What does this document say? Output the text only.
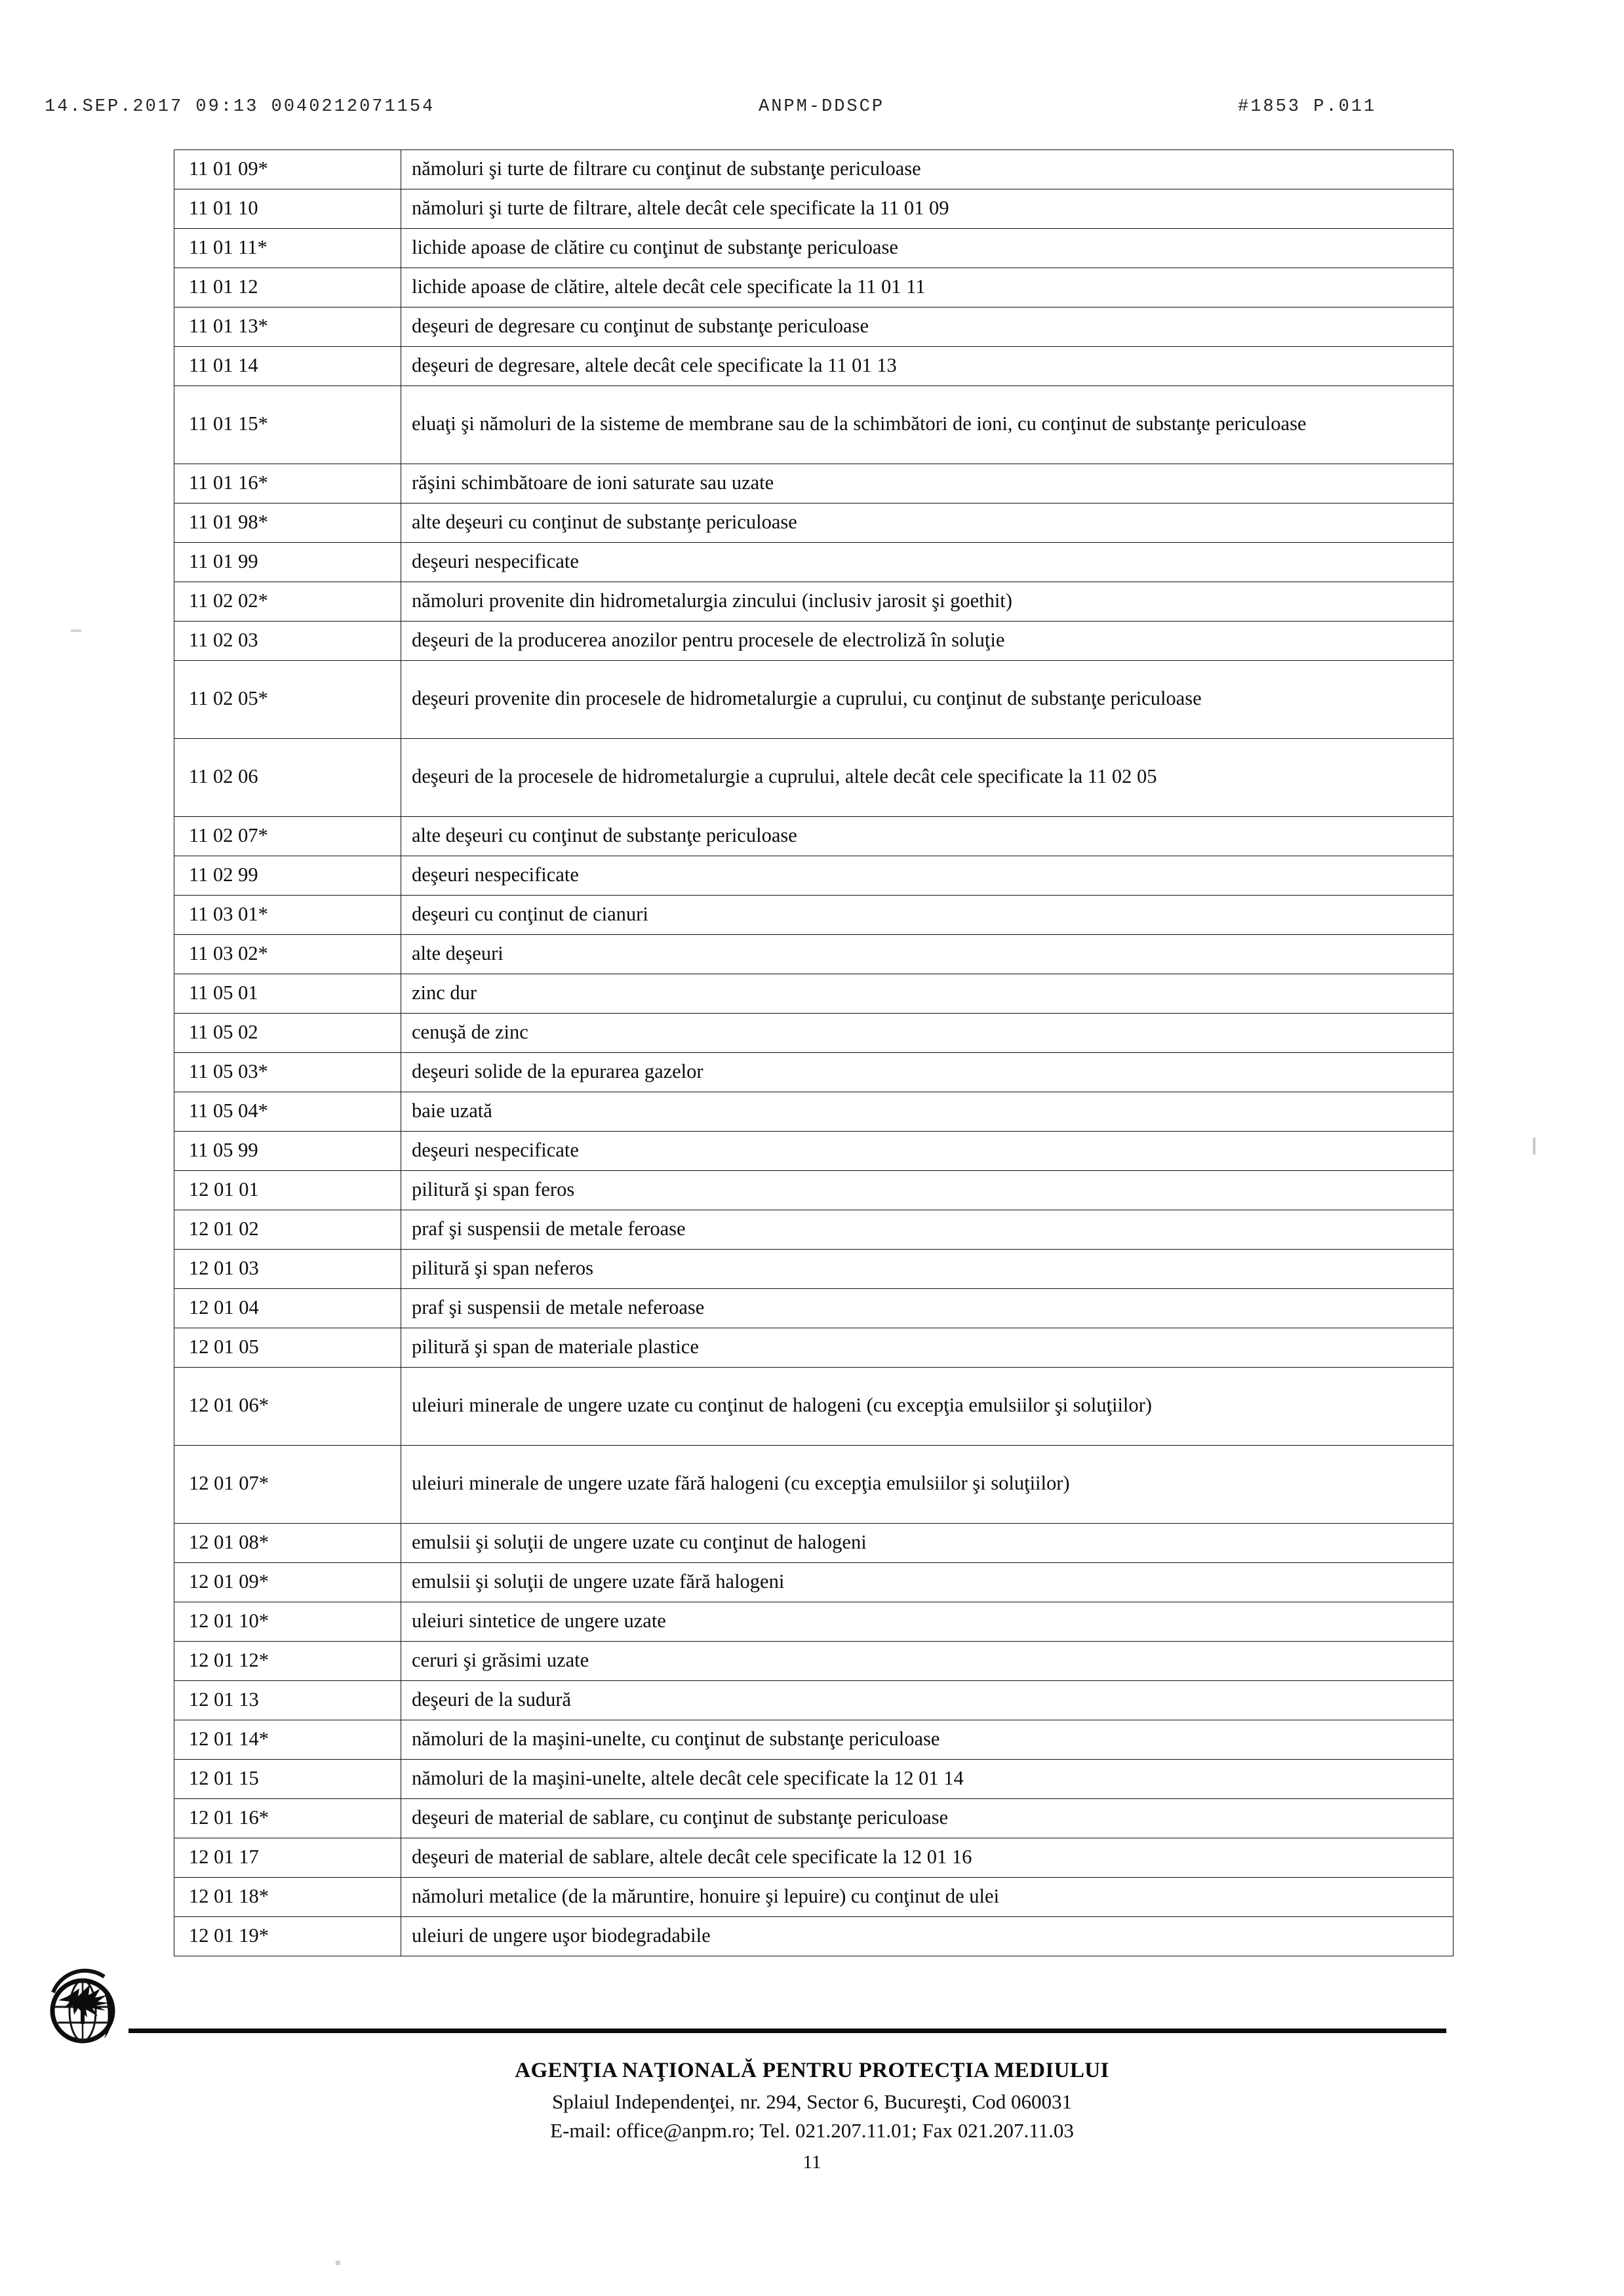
14.SEP.2017 09:13 0040212071154	ANPM-DDSCP	#1853 P.011
11 01 09*	nămoluri şi turte de filtrare cu conţinut de substanţe periculoase
11 01 10	nămoluri şi turte de filtrare, altele decât cele specificate la 11 01 09
11 01 11*	lichide apoase de clătire cu conţinut de substanţe periculoase
11 01 12	lichide apoase de clătire, altele decât cele specificate la 11 01 11
11 01 13*	deşeuri de degresare cu conţinut de substanţe periculoase
11 01 14	deşeuri de degresare, altele decât cele specificate la 11 01 13
11 01 15*	eluaţi şi nămoluri de la sisteme de membrane sau de la schimbători de ioni, cu conţinut de substanţe periculoase
11 01 16*	răşini schimbătoare de ioni saturate sau uzate
11 01 98*	alte deşeuri cu conţinut de substanţe periculoase
11 01 99	deşeuri nespecificate
11 02 02*	nămoluri provenite din hidrometalurgia zincului (inclusiv jarosit şi goethit)
11 02 03	deşeuri de la producerea anozilor pentru procesele de electroliză în soluţie
11 02 05*	deşeuri provenite din procesele de hidrometalurgie a cuprului, cu conţinut de substanţe periculoase
11 02 06	deşeuri de la procesele de hidrometalurgie a cuprului, altele decât cele specificate la 11 02 05
11 02 07*	alte deşeuri cu conţinut de substanţe periculoase
11 02 99	deşeuri nespecificate
11 03 01*	deşeuri cu conţinut de cianuri
11 03 02*	alte deşeuri
11 05 01	zinc dur
11 05 02	cenuşă de zinc
11 05 03*	deşeuri solide de la epurarea gazelor
11 05 04*	baie uzată
11 05 99	deşeuri nespecificate
12 01 01	pilitură şi span feros
12 01 02	praf şi suspensii de metale feroase
12 01 03	pilitură şi span neferos
12 01 04	praf şi suspensii de metale neferoase
12 01 05	pilitură şi span de materiale plastice
12 01 06*	uleiuri minerale de ungere uzate cu conţinut de halogeni (cu excepţia emulsiilor şi soluţiilor)
12 01 07*	uleiuri minerale de ungere uzate fără halogeni (cu excepţia emulsiilor şi soluţiilor)
12 01 08*	emulsii şi soluţii de ungere uzate cu conţinut de halogeni
12 01 09*	emulsii şi soluţii de ungere uzate fără halogeni
12 01 10*	uleiuri sintetice de ungere uzate
12 01 12*	ceruri şi grăsimi uzate
12 01 13	deşeuri de la sudură
12 01 14*	nămoluri de la maşini-unelte, cu conţinut de substanţe periculoase
12 01 15	nămoluri de la maşini-unelte, altele decât cele specificate la 12 01 14
12 01 16*	deşeuri de material de sablare, cu conţinut de substanţe periculoase
12 01 17	deşeuri de material de sablare, altele decât cele specificate la 12 01 16
12 01 18*	nămoluri metalice (de la măruntire, honuire şi lepuire) cu conţinut de ulei
12 01 19*	uleiuri de ungere uşor biodegradabile
AGENŢIA NAŢIONALĂ PENTRU PROTECŢIA MEDIULUI
Splaiul Independenţei, nr. 294, Sector 6, Bucureşti, Cod 060031
E-mail: office@anpm.ro; Tel. 021.207.11.01; Fax 021.207.11.03
11
